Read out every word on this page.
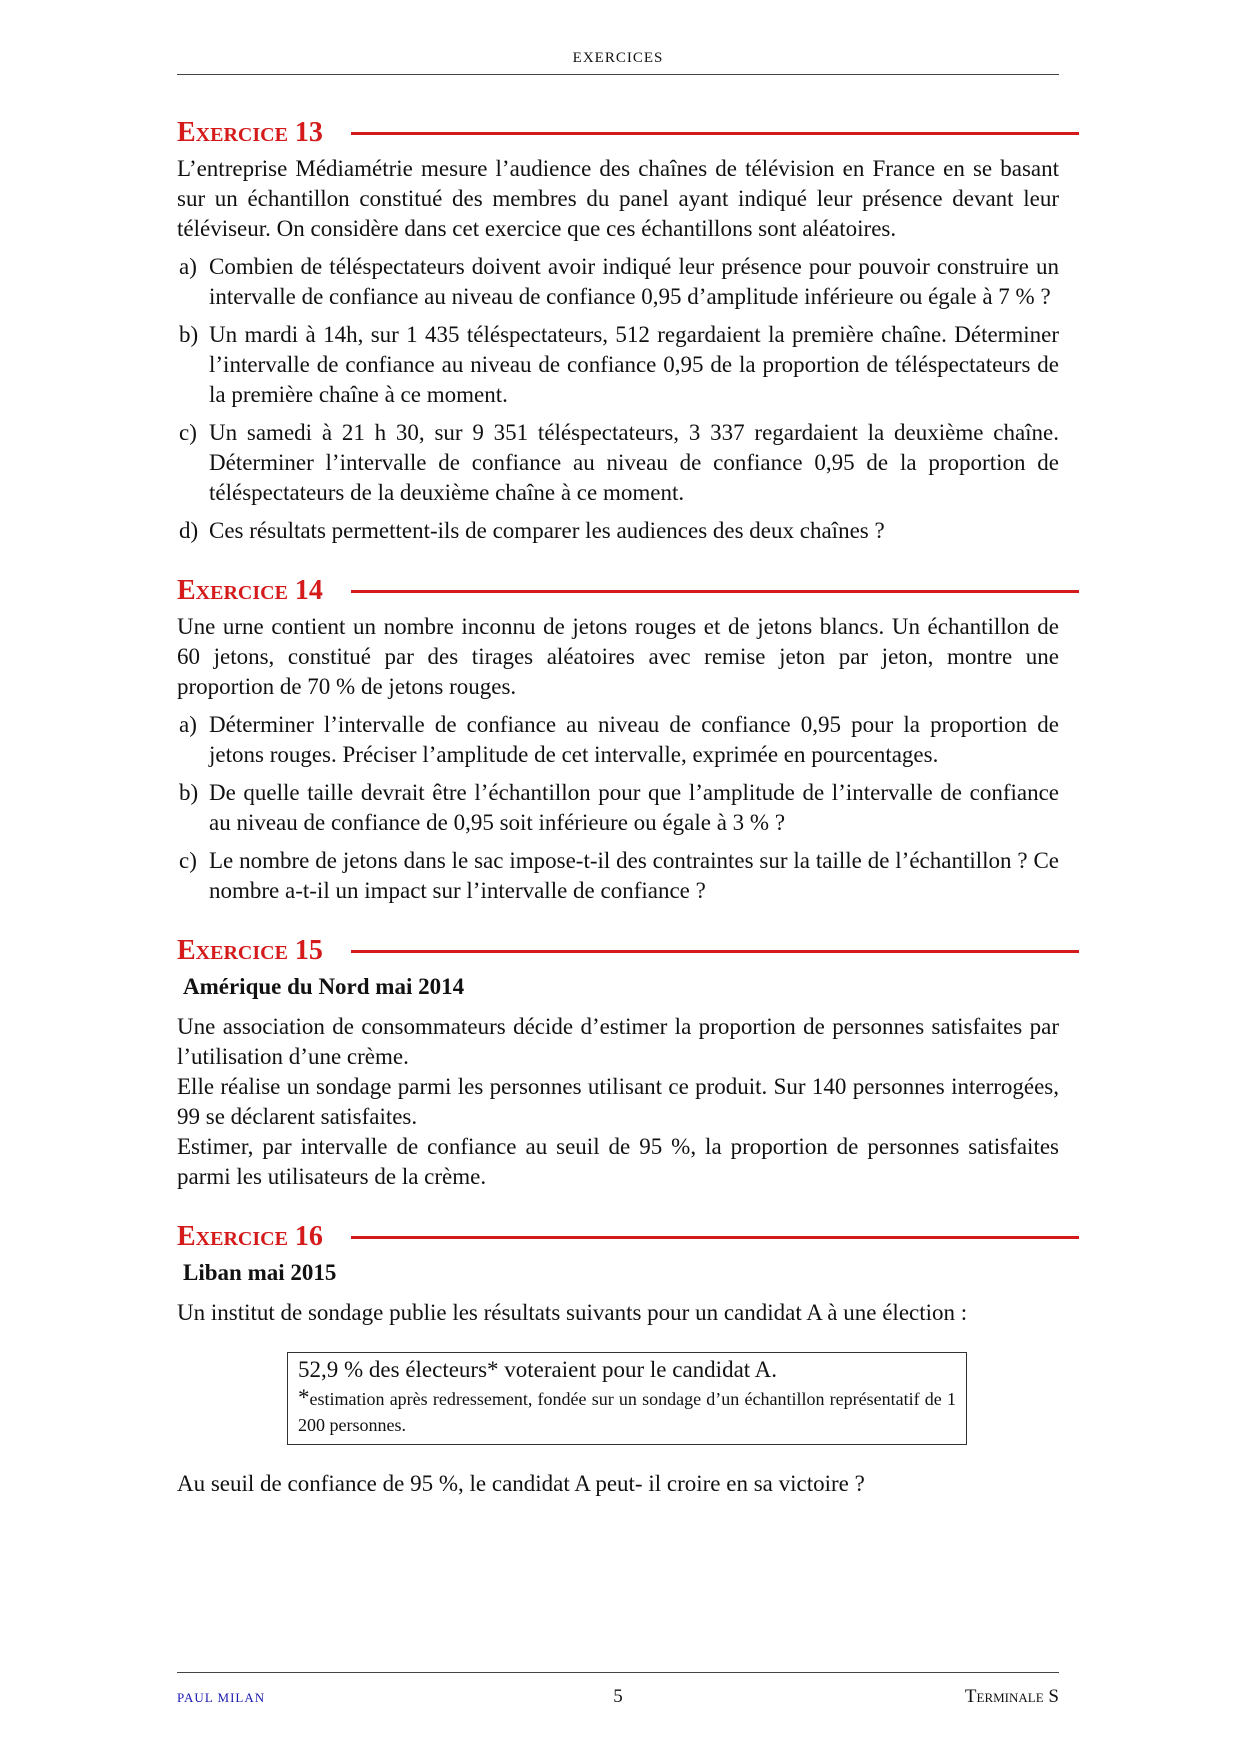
EXERCICES
Exercice 13

L’entreprise Médiamétrie mesure l’audience des chaînes de télévision en France en se basant sur un échantillon constitué des membres du panel ayant indiqué leur présence devant leur téléviseur. On considère dans cet exercice que ces échantillons sont aléatoires.

a) Combien de téléspectateurs doivent avoir indiqué leur présence pour pouvoir construire un intervalle de confiance au niveau de confiance 0,95 d’amplitude inférieure ou égale à 7 % ?
b) Un mardi à 14h, sur 1 435 téléspectateurs, 512 regardaient la première chaîne. Déterminer l’intervalle de confiance au niveau de confiance 0,95 de la proportion de téléspectateurs de la première chaîne à ce moment.
c) Un samedi à 21 h 30, sur 9 351 téléspectateurs, 3 337 regardaient la deuxième chaîne. Déterminer l’intervalle de confiance au niveau de confiance 0,95 de la proportion de téléspectateurs de la deuxième chaîne à ce moment.
d) Ces résultats permettent-ils de comparer les audiences des deux chaînes ?
Exercice 14

Une urne contient un nombre inconnu de jetons rouges et de jetons blancs. Un échantillon de 60 jetons, constitué par des tirages aléatoires avec remise jeton par jeton, montre une proportion de 70 % de jetons rouges.

a) Déterminer l’intervalle de confiance au niveau de confiance 0,95 pour la proportion de jetons rouges. Préciser l’amplitude de cet intervalle, exprimée en pourcentages.
b) De quelle taille devrait être l’échantillon pour que l’amplitude de l’intervalle de confiance au niveau de confiance de 0,95 soit inférieure ou égale à 3 % ?
c) Le nombre de jetons dans le sac impose-t-il des contraintes sur la taille de l’échantillon ? Ce nombre a-t-il un impact sur l’intervalle de confiance ?
Exercice 15
Amérique du Nord mai 2014

Une association de consommateurs décide d’estimer la proportion de personnes satisfaites par l’utilisation d’une crème.

Elle réalise un sondage parmi les personnes utilisant ce produit. Sur 140 personnes interrogées, 99 se déclarent satisfaites.

Estimer, par intervalle de confiance au seuil de 95 %, la proportion de personnes satisfaites parmi les utilisateurs de la crème.

Exercice 16
Liban mai 2015

Un institut de sondage publie les résultats suivants pour un candidat A à une élection :

52,9 % des électeurs* voteraient pour le candidat A.
*estimation après redressement, fondée sur un sondage d’un échantillon représentatif de 1 200 personnes.

Au seuil de confiance de 95 %, le candidat A peut- il croire en sa victoire ?

PAUL MILAN	5	Terminale S
